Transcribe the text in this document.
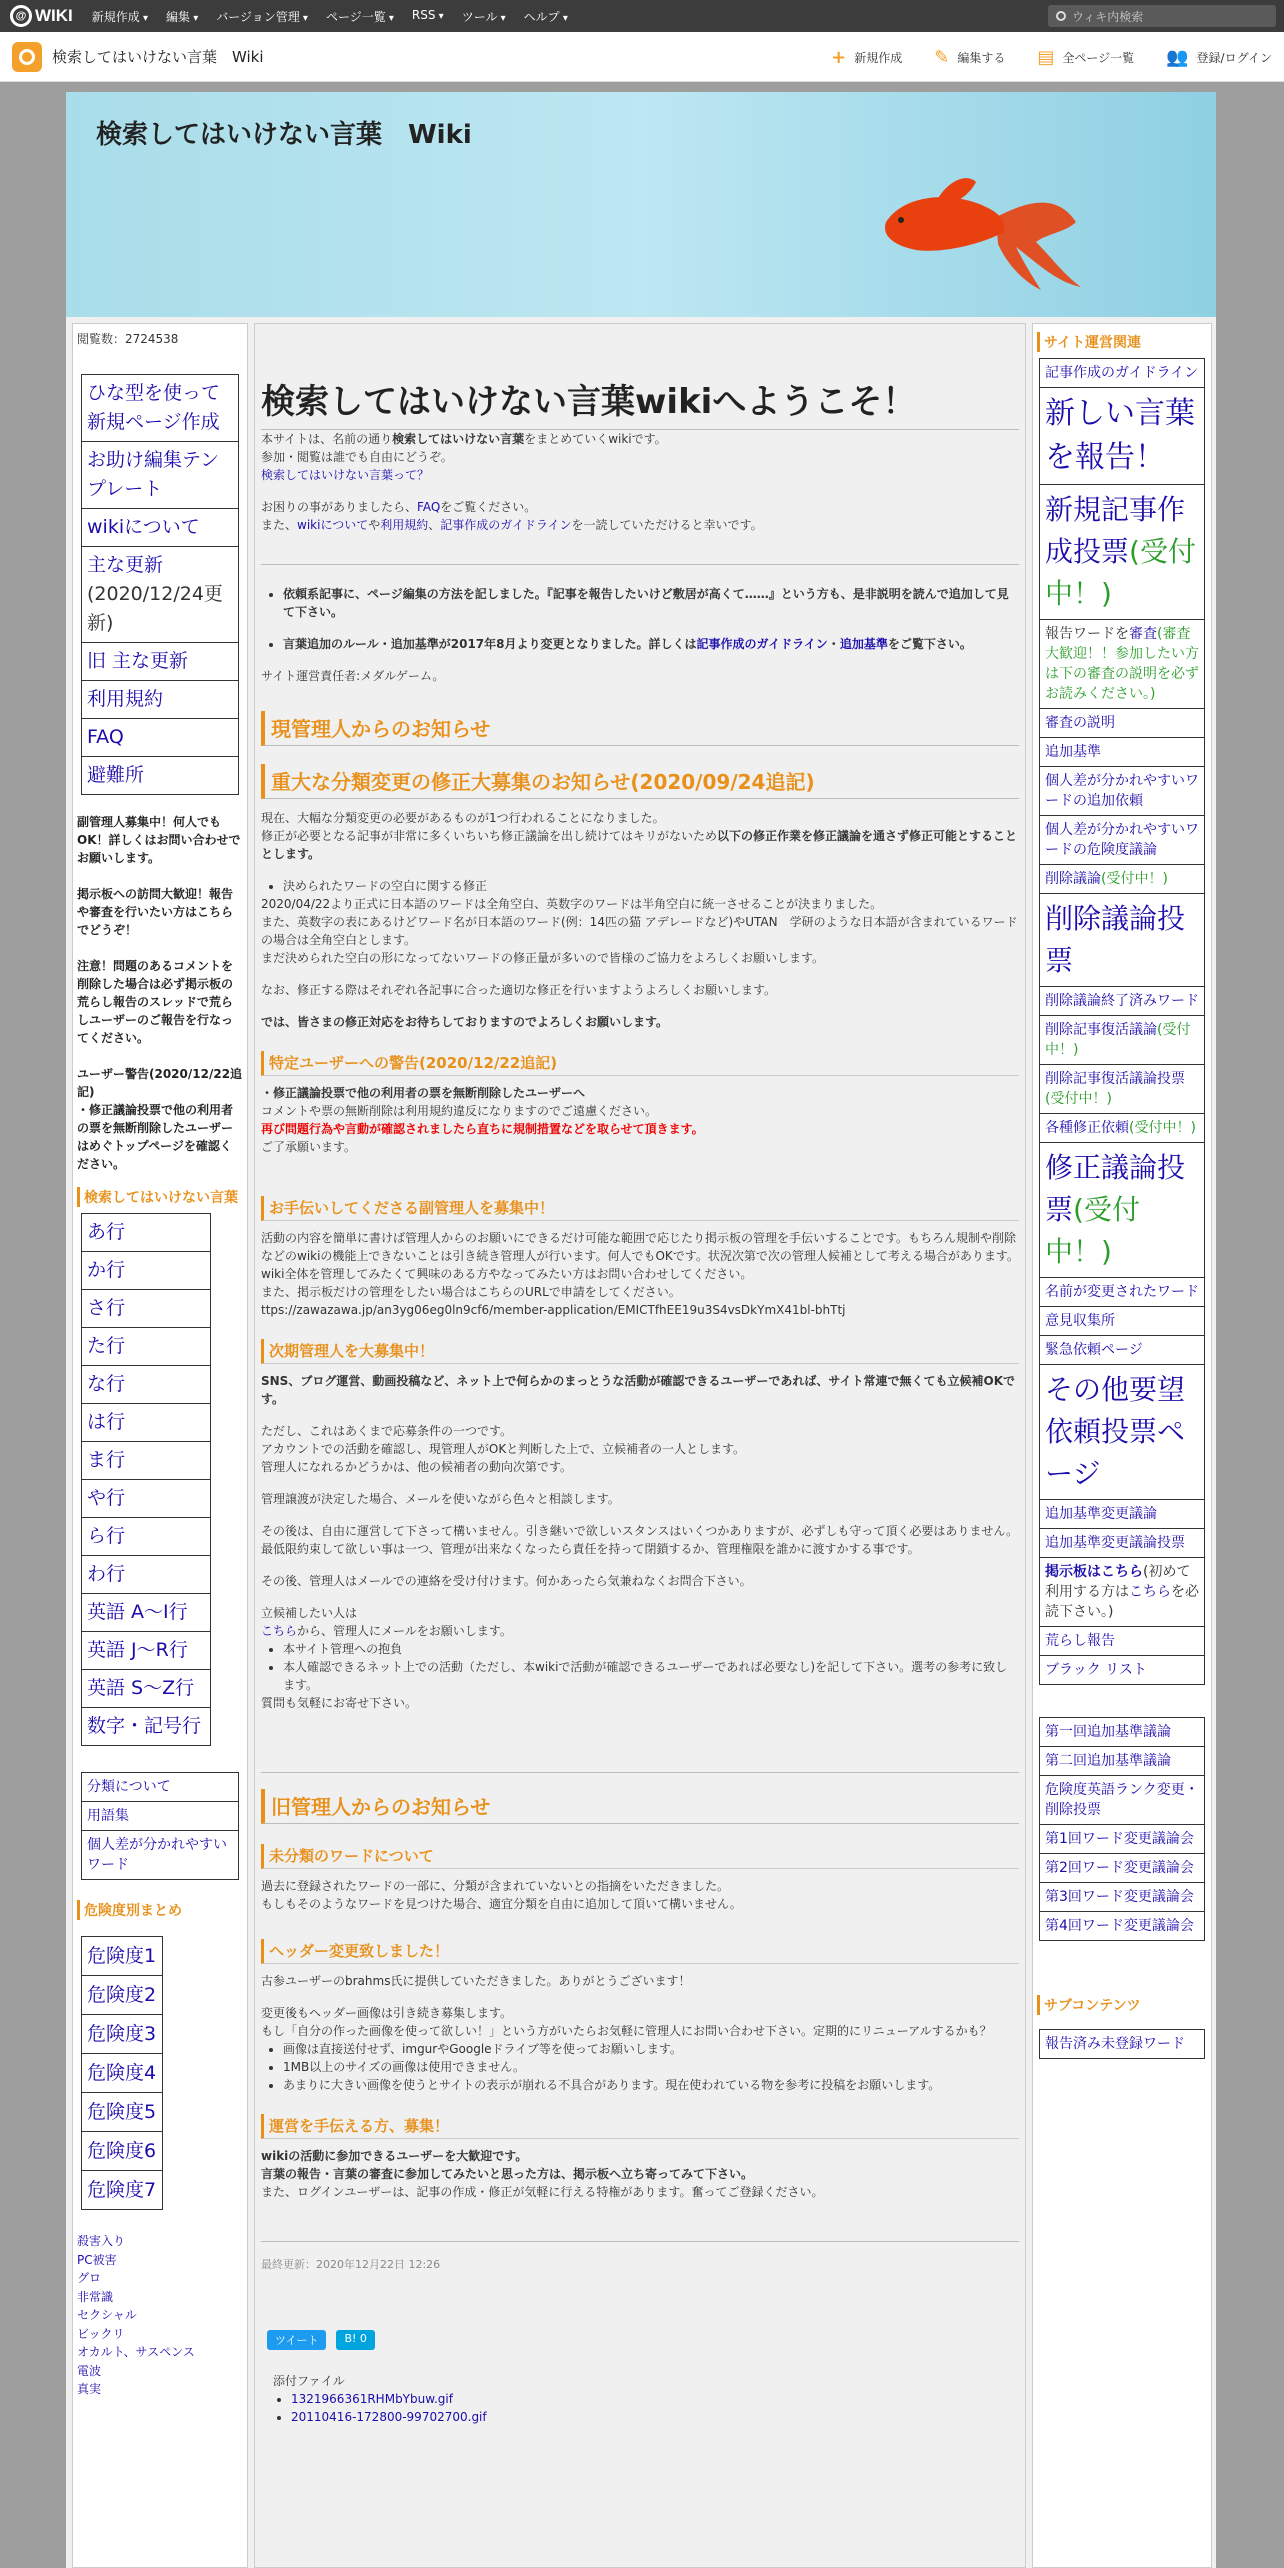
@ WIKI	新規作成 ▾	編集 ▾	バージョン管理 ▾	ページ一覧 ▾	RSS ▾	ツール ▾	ヘルプ ▾	ウィキ内検索
検索してはいけない言葉　Wiki	+ 新規作成 ✎ 編集する ▤ 全ページ一覧 👥 登録/ログイン
検索してはいけない言葉　Wiki
閲覧数：2724538
ひな型を使って新規ページ作成
お助け編集テンプレート
wikiについて
主な更新
(2020/12/24更新)
旧 主な更新
利用規約
FAQ
避難所

副管理人募集中！何人でもOK！詳しくはお問い合わせでお願いします。

掲示板への訪問大歓迎！報告や審査を行いたい方はこちらでどうぞ！

注意！問題のあるコメントを削除した場合は必ず掲示板の荒らし報告のスレッドで荒らしユーザーのご報告を行なってください。

ユーザー警告(2020/12/22追記)

・修正議論投票で他の利用者の票を無断削除したユーザーはめぐトップページを確認ください。

検索してはいけない言葉
あ行
か行
さ行
た行
な行
は行
ま行
や行
ら行
わ行
英語 A〜I行
英語 J〜R行
英語 S〜Z行
数字・記号行
分類について
用語集
個人差が分かれやすいワード
危険度別まとめ
危険度1
危険度2
危険度3
危険度4
危険度5
危険度6
危険度7
殺害入り
PC被害
グロ
非常識
セクシャル
ビックリ
オカルト、サスペンス
電波
真実
検索してはいけない言葉wikiへようこそ！

本サイトは、名前の通り検索してはいけない言葉をまとめていくwikiです。

参加・閲覧は誰でも自由にどうぞ。

検索してはいけない言葉って？

お困りの事がありましたら、FAQをご覧ください。

また、wikiについてや利用規約、記事作成のガイドラインを一読していただけると幸いです。

• 依頼系記事に、ページ編集の方法を記しました。『記事を報告したいけど敷居が高くて……』という方も、是非説明を読んで追加して見て下さい。

• 言葉追加のルール・追加基準が2017年8月より変更となりました。詳しくは記事作成のガイドライン・追加基準をご覧下さい。

サイト運営責任者:メダルゲーム。

現管理人からのお知らせ
重大な分類変更の修正大募集のお知らせ(2020/09/24追記)

現在、大幅な分類変更の必要があるものが1つ行われることになりました。

修正が必要となる記事が非常に多くいちいち修正議論を出し続けてはキリがないため以下の修正作業を修正議論を通さず修正可能とすることとします。

• 決められたワードの空白に関する修正

2020/04/22より正式に日本語のワードは全角空白、英数字のワードは半角空白に統一させることが決まりました。

また、英数字の表にあるけどワード名が日本語のワード(例：14匹の猫 アデレードなど)やUTAN　学研のような日本語が含まれているワードの場合は全角空白とします。

まだ決められた空白の形になってないワードの修正量が多いので皆様のご協力をよろしくお願いします。

なお、修正する際はそれぞれ各記事に合った適切な修正を行いますようよろしくお願いします。

では、皆さまの修正対応をお待ちしておりますのでよろしくお願いします。

特定ユーザーへの警告(2020/12/22追記)

・修正議論投票で他の利用者の票を無断削除したユーザーへ

コメントや票の無断削除は利用規約違反になりますのでご遠慮ください。

再び問題行為や言動が確認されましたら直ちに規制措置などを取らせて頂きます。

ご了承願います。

お手伝いしてくださる副管理人を募集中！

活動の内容を簡単に書けば管理人からのお願いにできるだけ可能な範囲で応じたり掲示板の管理を手伝いすることです。もちろん規制や削除などのwikiの機能上できないことは引き続き管理人が行います。何人でもOKです。状況次第で次の管理人候補として考える場合があります。wiki全体を管理してみたくて興味のある方やなってみたい方はお問い合わせしてください。

また、掲示板だけの管理をしたい場合はこちらのURLで申請をしてください。

ttps://zawazawa.jp/an3yg06eg0ln9cf6/member-application/EMICTfhEE19u3S4vsDkYmX41bl-bhTtj

次期管理人を大募集中！

SNS、ブログ運営、動画投稿など、ネット上で何らかのまっとうな活動が確認できるユーザーであれば、サイト常連で無くても立候補OKです。

ただし、これはあくまで応募条件の一つです。

アカウントでの活動を確認し、現管理人がOKと判断した上で、立候補者の一人とします。

管理人になれるかどうかは、他の候補者の動向次第です。

管理譲渡が決定した場合、メールを使いながら色々と相談します。

その後は、自由に運営して下さって構いません。引き継いで欲しいスタンスはいくつかありますが、必ずしも守って頂く必要はありません。

最低限約束して欲しい事は一つ、管理が出来なくなったら責任を持って閉鎖するか、管理権限を誰かに渡すかする事です。

その後、管理人はメールでの連絡を受け付けます。何かあったら気兼ねなくお問合下さい。

立候補したい人は

こちらから、管理人にメールをお願いします。

• 本サイト管理への抱負
• 本人確認できるネット上での活動（ただし、本wikiで活動が確認できるユーザーであれば必要なし)を記して下さい。選考の参考に致します。

質問も気軽にお寄せ下さい。

旧管理人からのお知らせ
未分類のワードについて

過去に登録されたワードの一部に、分類が含まれていないとの指摘をいただきました。

もしもそのようなワードを見つけた場合、適宜分類を自由に追加して頂いて構いません。

ヘッダー変更致しました！

古参ユーザーのbrahms氏に提供していただきました。ありがとうございます！

変更後もヘッダー画像は引き続き募集します。

もし「自分の作った画像を使って欲しい！」という方がいたらお気軽に管理人にお問い合わせ下さい。定期的にリニューアルするかも？

• 画像は直接送付せず、imgurやGoogleドライブ等を使ってお願いします。
• 1MB以上のサイズの画像は使用できません。
• あまりに大きい画像を使うとサイトの表示が崩れる不具合があります。現在使われている物を参考に投稿をお願いします。
運営を手伝える方、募集！

wikiの活動に参加できるユーザーを大歓迎です。

言葉の報告・言葉の審査に参加してみたいと思った方は、掲示板へ立ち寄ってみて下さい。

また、ログインユーザーは、記事の作成・修正が気軽に行える特権があります。奮ってご登録ください。

最終更新：2020年12月22日 12:26

ツイート	B! 0

添付ファイル

• 1321966361RHMbYbuw.gif
• 20110416-172800-99702700.gif
サイト運営関連
記事作成のガイドライン
新しい言葉を報告！
新規記事作成投票(受付中！)
報告ワードを審査(審査大歓迎！！参加したい方は下の審査の説明を必ずお読みください。)
審査の説明
追加基準
個人差が分かれやすいワードの追加依頼
個人差が分かれやすいワードの危険度議論
削除議論(受付中！)
削除議論投票
削除議論終了済みワード
削除記事復活議論(受付中！)
削除記事復活議論投票(受付中！)
各種修正依頼(受付中！)
修正議論投票(受付中！)
名前が変更されたワード
意見収集所
緊急依頼ページ
その他要望依頼投票ページ
追加基準変更議論
追加基準変更議論投票
掲示板はこちら(初めて利用する方はこちらを必読下さい。)
荒らし報告
ブラック リスト
第一回追加基準議論
第二回追加基準議論
危険度英語ランク変更・削除投票
第1回ワード変更議論会
第2回ワード変更議論会
第3回ワード変更議論会
第4回ワード変更議論会
サブコンテンツ
報告済み未登録ワード
